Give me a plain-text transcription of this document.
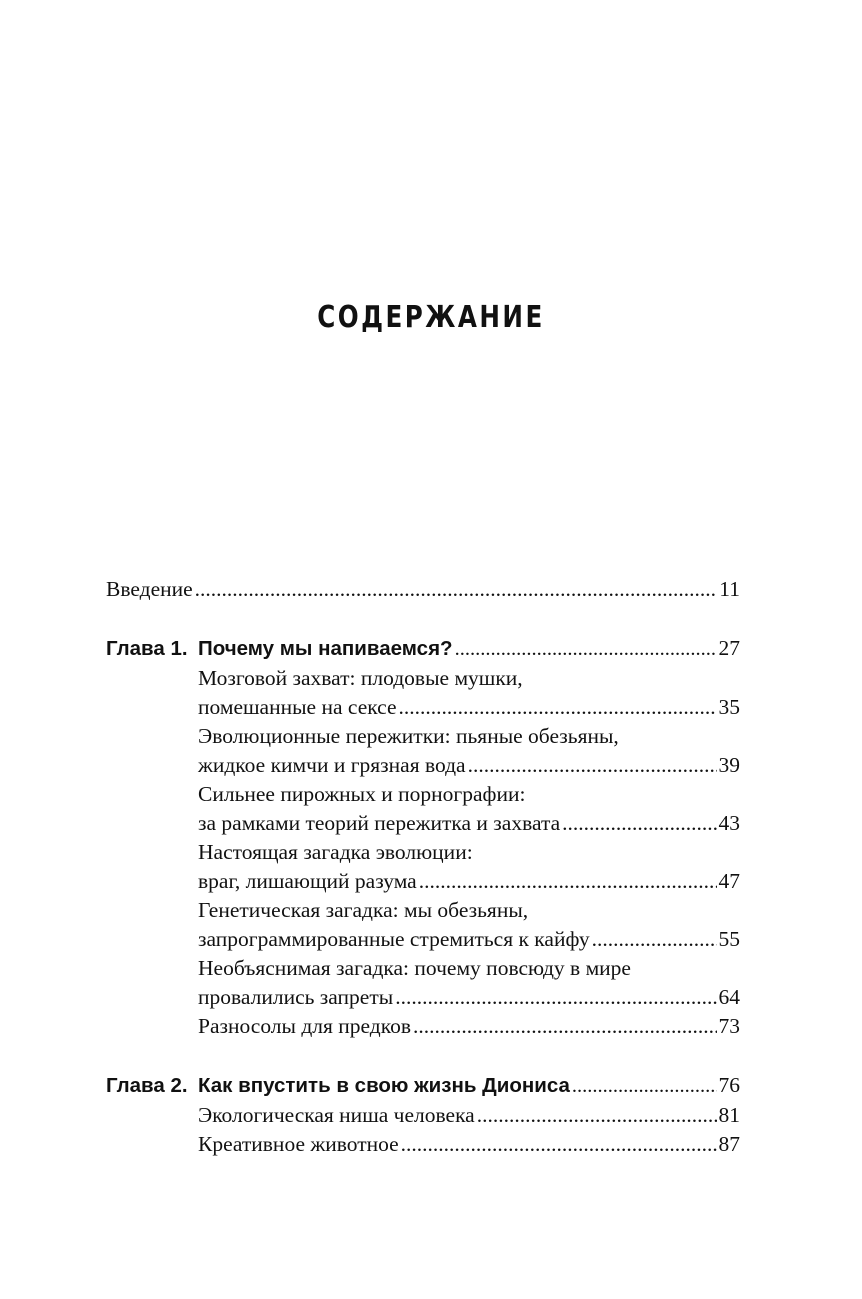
СОДЕРЖАНИЕ
Введение .....	11
Глава 1. Почему мы напиваемся? .....	27
Мозговой захват: плодовые мушки,
помешанные на сексе .....	35
Эволюционные пережитки: пьяные обезьяны,
жидкое кимчи и грязная вода .....	39
Сильнее пирожных и порнографии:
за рамками теорий пережитка и захвата .....	43
Настоящая загадка эволюции:
враг, лишающий разума .....	47
Генетическая загадка: мы обезьяны,
запрограммированные стремиться к кайфу .....	55
Необъяснимая загадка: почему повсюду в мире
провалились запреты .....	64
Разносолы для предков .....	73
Глава 2. Как впустить в свою жизнь Диониса .....	76
Экологическая ниша человека .....	81
Креативное животное .....	87
